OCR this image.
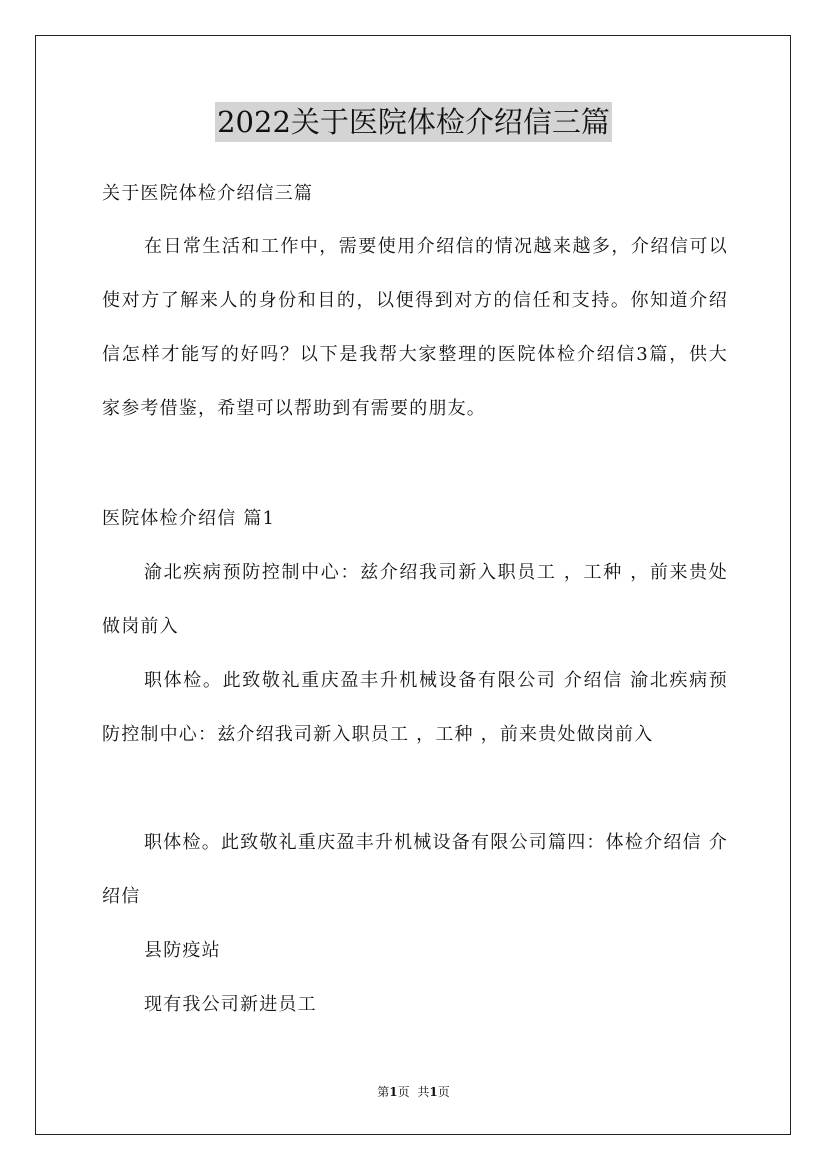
2022关于医院体检介绍信三篇

关于医院体检介绍信三篇

在日常生活和工作中，需要使用介绍信的情况越来越多，介绍信可以使对方了解来人的身份和目的，以便得到对方的信任和支持。你知道介绍信怎样才能写的好吗？以下是我帮大家整理的医院体检介绍信3篇，供大家参考借鉴，希望可以帮助到有需要的朋友。

医院体检介绍信 篇1

渝北疾病预防控制中心：兹介绍我司新入职员工 ，工种 ，前来贵处做岗前入

职体检。此致敬礼重庆盈丰升机械设备有限公司 介绍信 渝北疾病预防控制中心：兹介绍我司新入职员工 ，工种 ，前来贵处做岗前入

职体检。此致敬礼重庆盈丰升机械设备有限公司篇四：体检介绍信 介绍信

县防疫站

现有我公司新进员工

第1页 共1页
